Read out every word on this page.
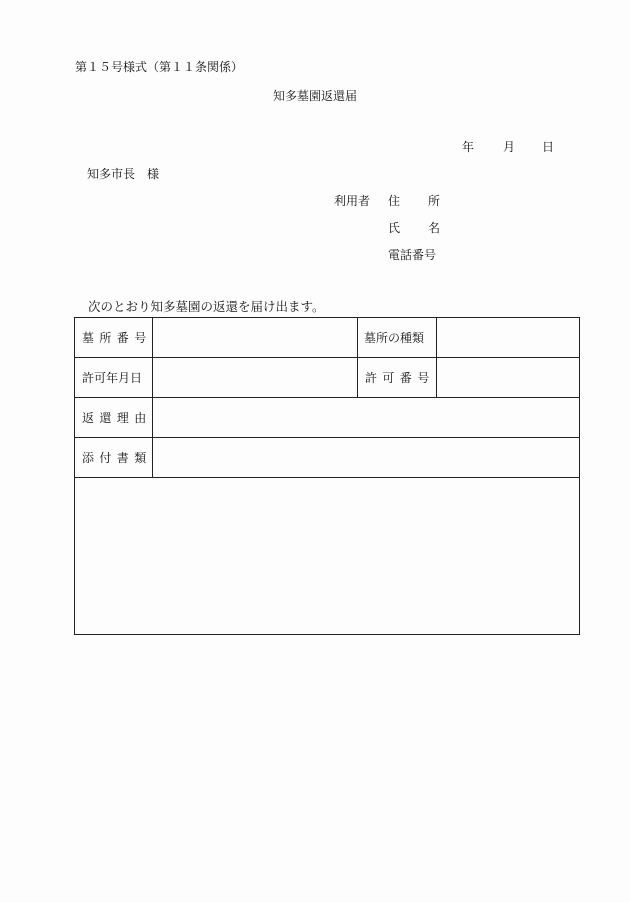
第１５号様式（第１１条関係）
知多墓園返還届
年 月 日
知多市長　様
利用者 住 所
氏 名
電話番号
次のとおり知多墓園の返還を届け出ます。
墓所番号		墓所の種類	
許可年月日		許可番号	
返還理由			
添付書類			
